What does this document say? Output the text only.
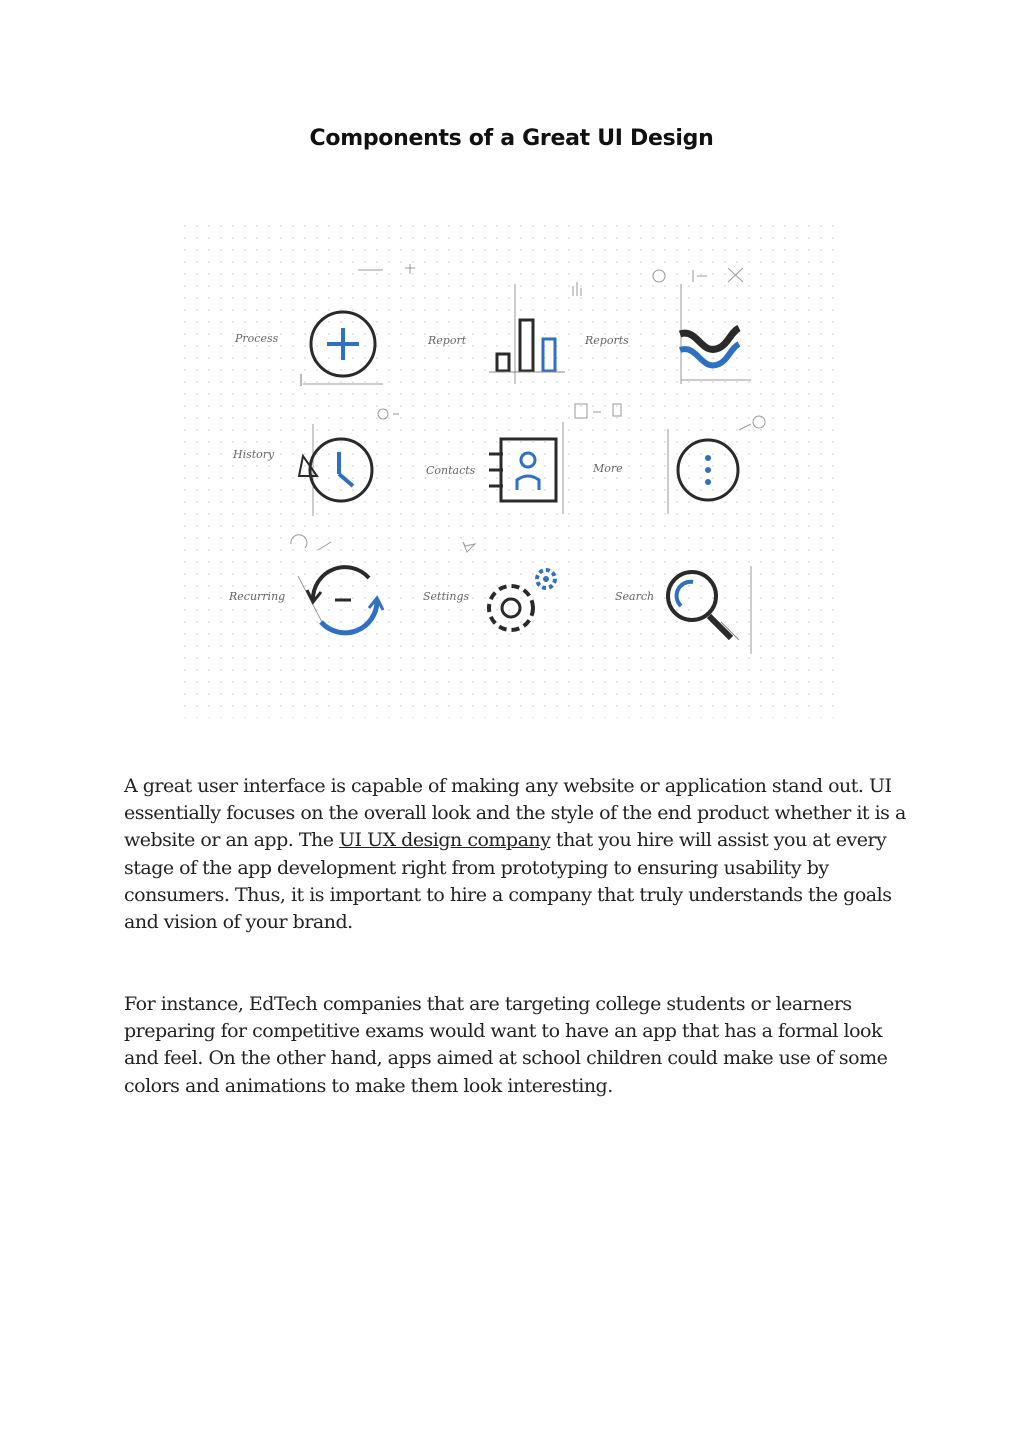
Components of a Great UI Design
Process	Report	Reports
History
Contacts	More
Recurring	Settings	Search

A great user interface is capable of making any website or application stand out. UI essentially focuses on the overall look and the style of the end product whether it is a website or an app. The UI UX design company that you hire will assist you at every stage of the app development right from prototyping to ensuring usability by consumers. Thus, it is important to hire a company that truly understands the goals and vision of your brand.

For instance, EdTech companies that are targeting college students or learners preparing for competitive exams would want to have an app that has a formal look and feel. On the other hand, apps aimed at school children could make use of some colors and animations to make them look interesting.
